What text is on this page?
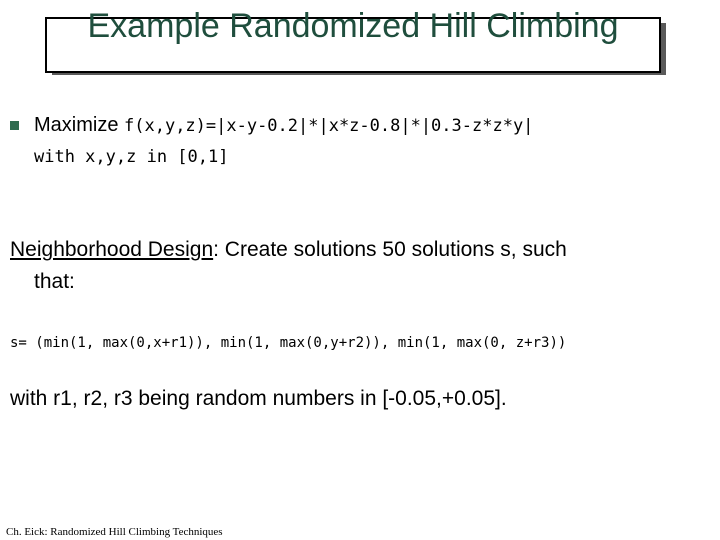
Example Randomized Hill Climbing
Maximize f(x,y,z)=|x-y-0.2|*|x*z-0.8|*|0.3-z*z*y|
with x,y,z in [0,1]
Neighborhood Design: Create solutions 50 solutions s, such
that:
s= (min(1, max(0,x+r1)), min(1, max(0,y+r2)), min(1, max(0, z+r3))
with r1, r2, r3 being random numbers in [-0.05,+0.05].
Ch. Eick: Randomized Hill Climbing Techniques
